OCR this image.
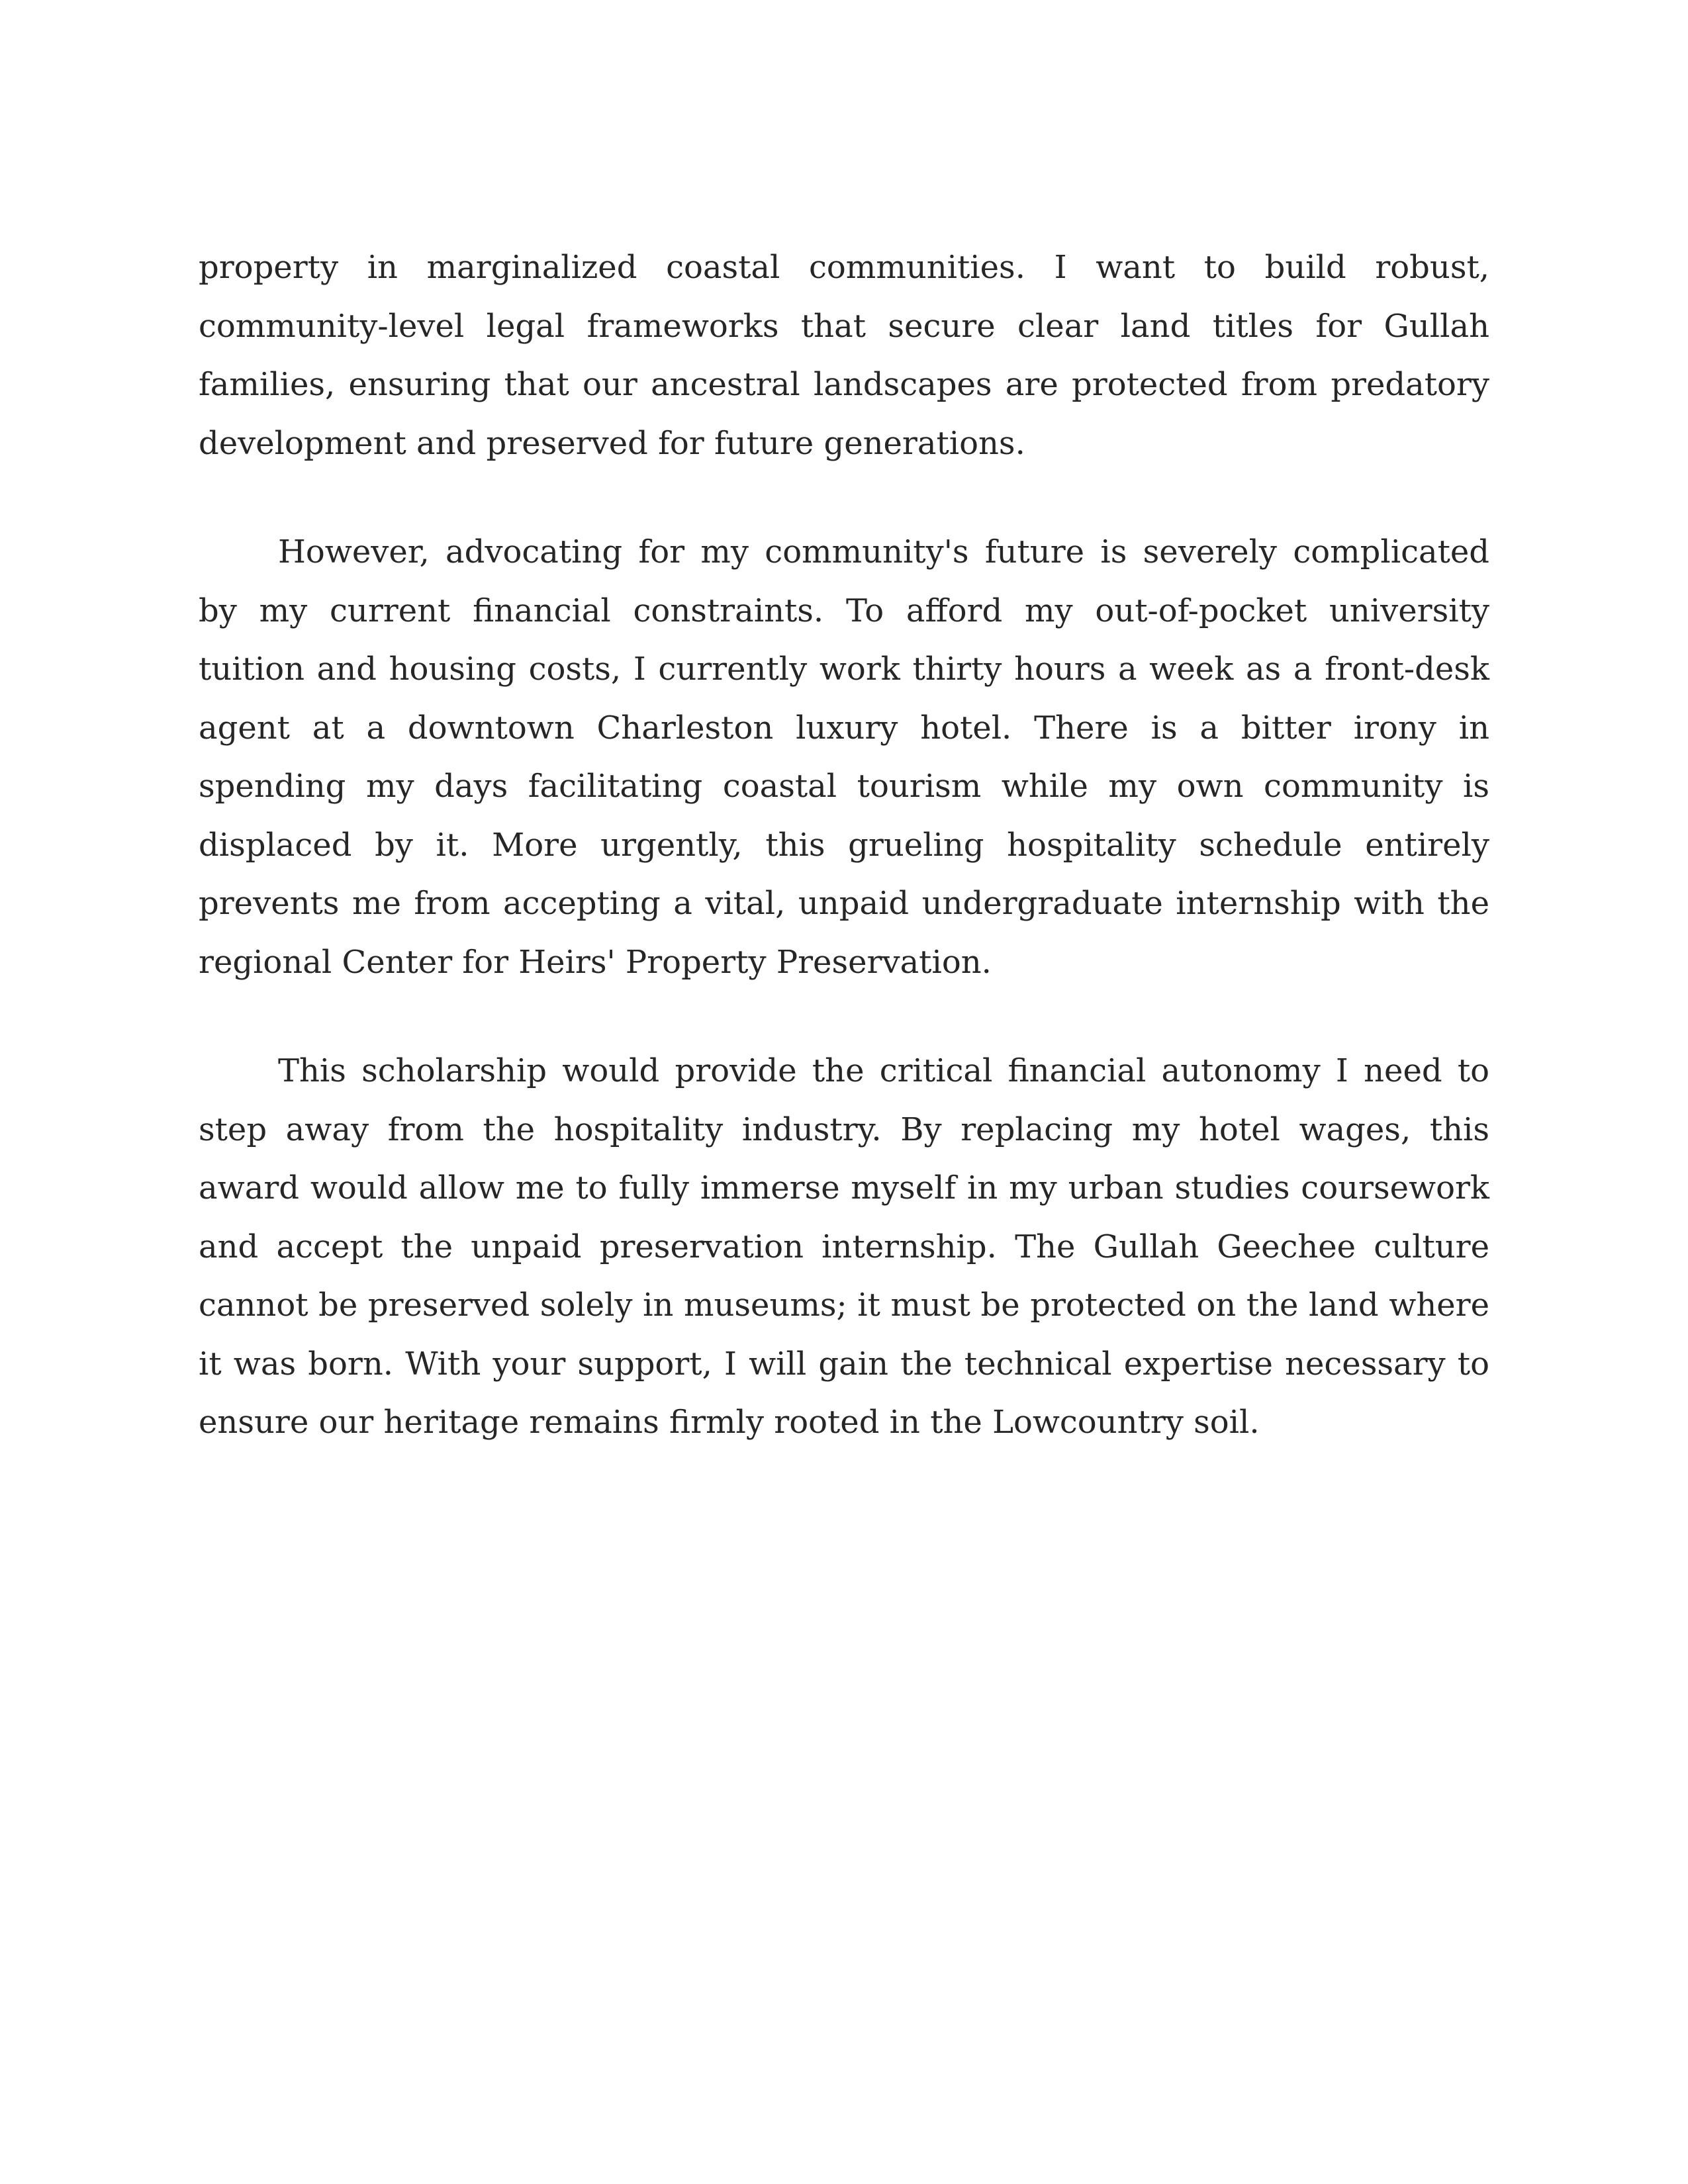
property in marginalized coastal communities. I want to build robust, community-level legal frameworks that secure clear land titles for Gullah families, ensuring that our ancestral landscapes are protected from predatory development and preserved for future generations.

However, advocating for my community's future is severely complicated by my current financial constraints. To afford my out-of-pocket university tuition and housing costs, I currently work thirty hours a week as a front-desk agent at a downtown Charleston luxury hotel. There is a bitter irony in spending my days facilitating coastal tourism while my own community is displaced by it. More urgently, this grueling hospitality schedule entirely prevents me from accepting a vital, unpaid undergraduate internship with the regional Center for Heirs' Property Preservation.

This scholarship would provide the critical financial autonomy I need to step away from the hospitality industry. By replacing my hotel wages, this award would allow me to fully immerse myself in my urban studies coursework and accept the unpaid preservation internship. The Gullah Geechee culture cannot be preserved solely in museums; it must be protected on the land where it was born. With your support, I will gain the technical expertise necessary to ensure our heritage remains firmly rooted in the Lowcountry soil.
